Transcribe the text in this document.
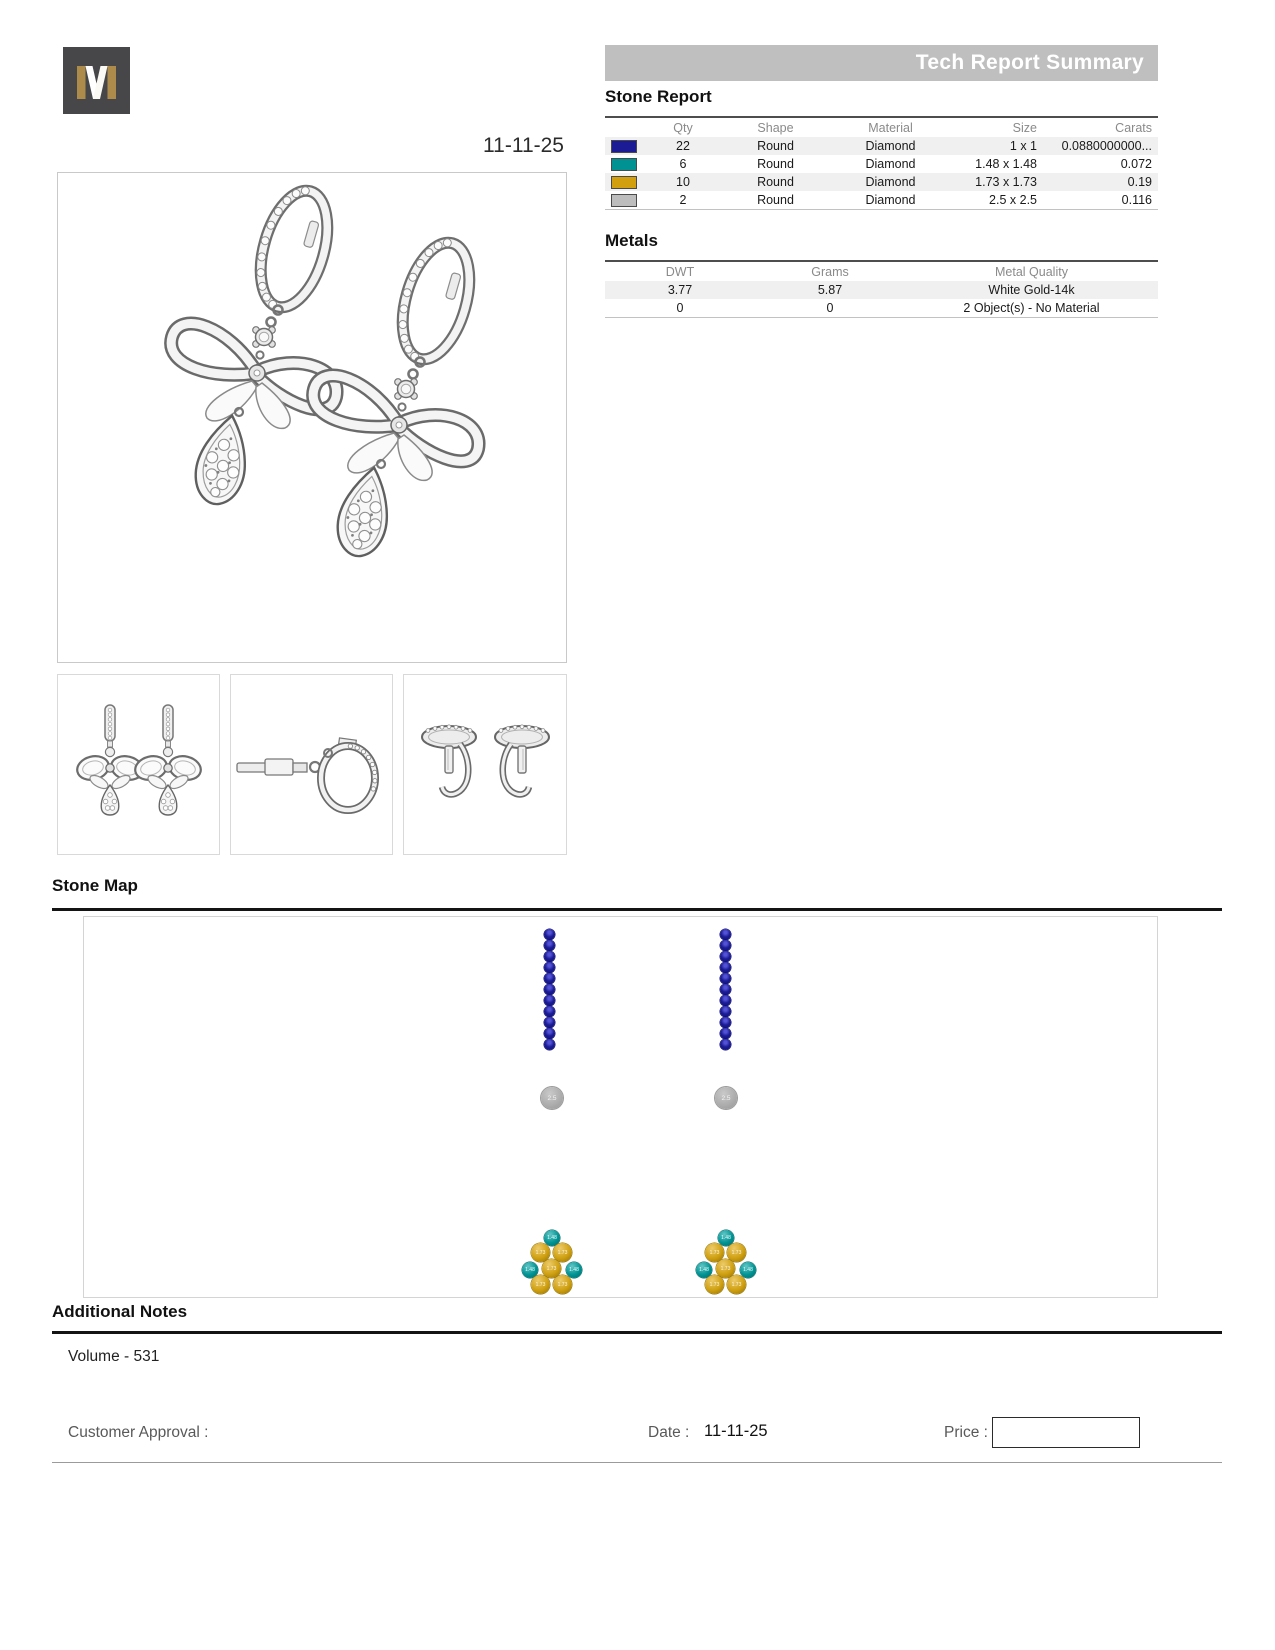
11-11-25
Tech Report Summary
Stone Report
Qty	Shape	Material	Size	Carats
22	Round	Diamond	1 x 1	0.0880000000...
6	Round	Diamond	1.48 x 1.48	0.072
10	Round	Diamond	1.73 x 1.73	0.19
2	Round	Diamond	2.5 x 2.5	0.116
Metals
DWT	Grams	Metal Quality
3.77	5.87	White Gold-14k
0	0	2 Object(s) - No Material
Stone Map
2.5	2.5
1.48
1.73	1.73
1.48	1.73	1.48
1.73	1.73
1.48
1.73	1.73
1.48	1.73	1.48
1.73	1.73
Additional Notes
Volume - 531
Customer Approval :	Date : 11-11-25	Price :
